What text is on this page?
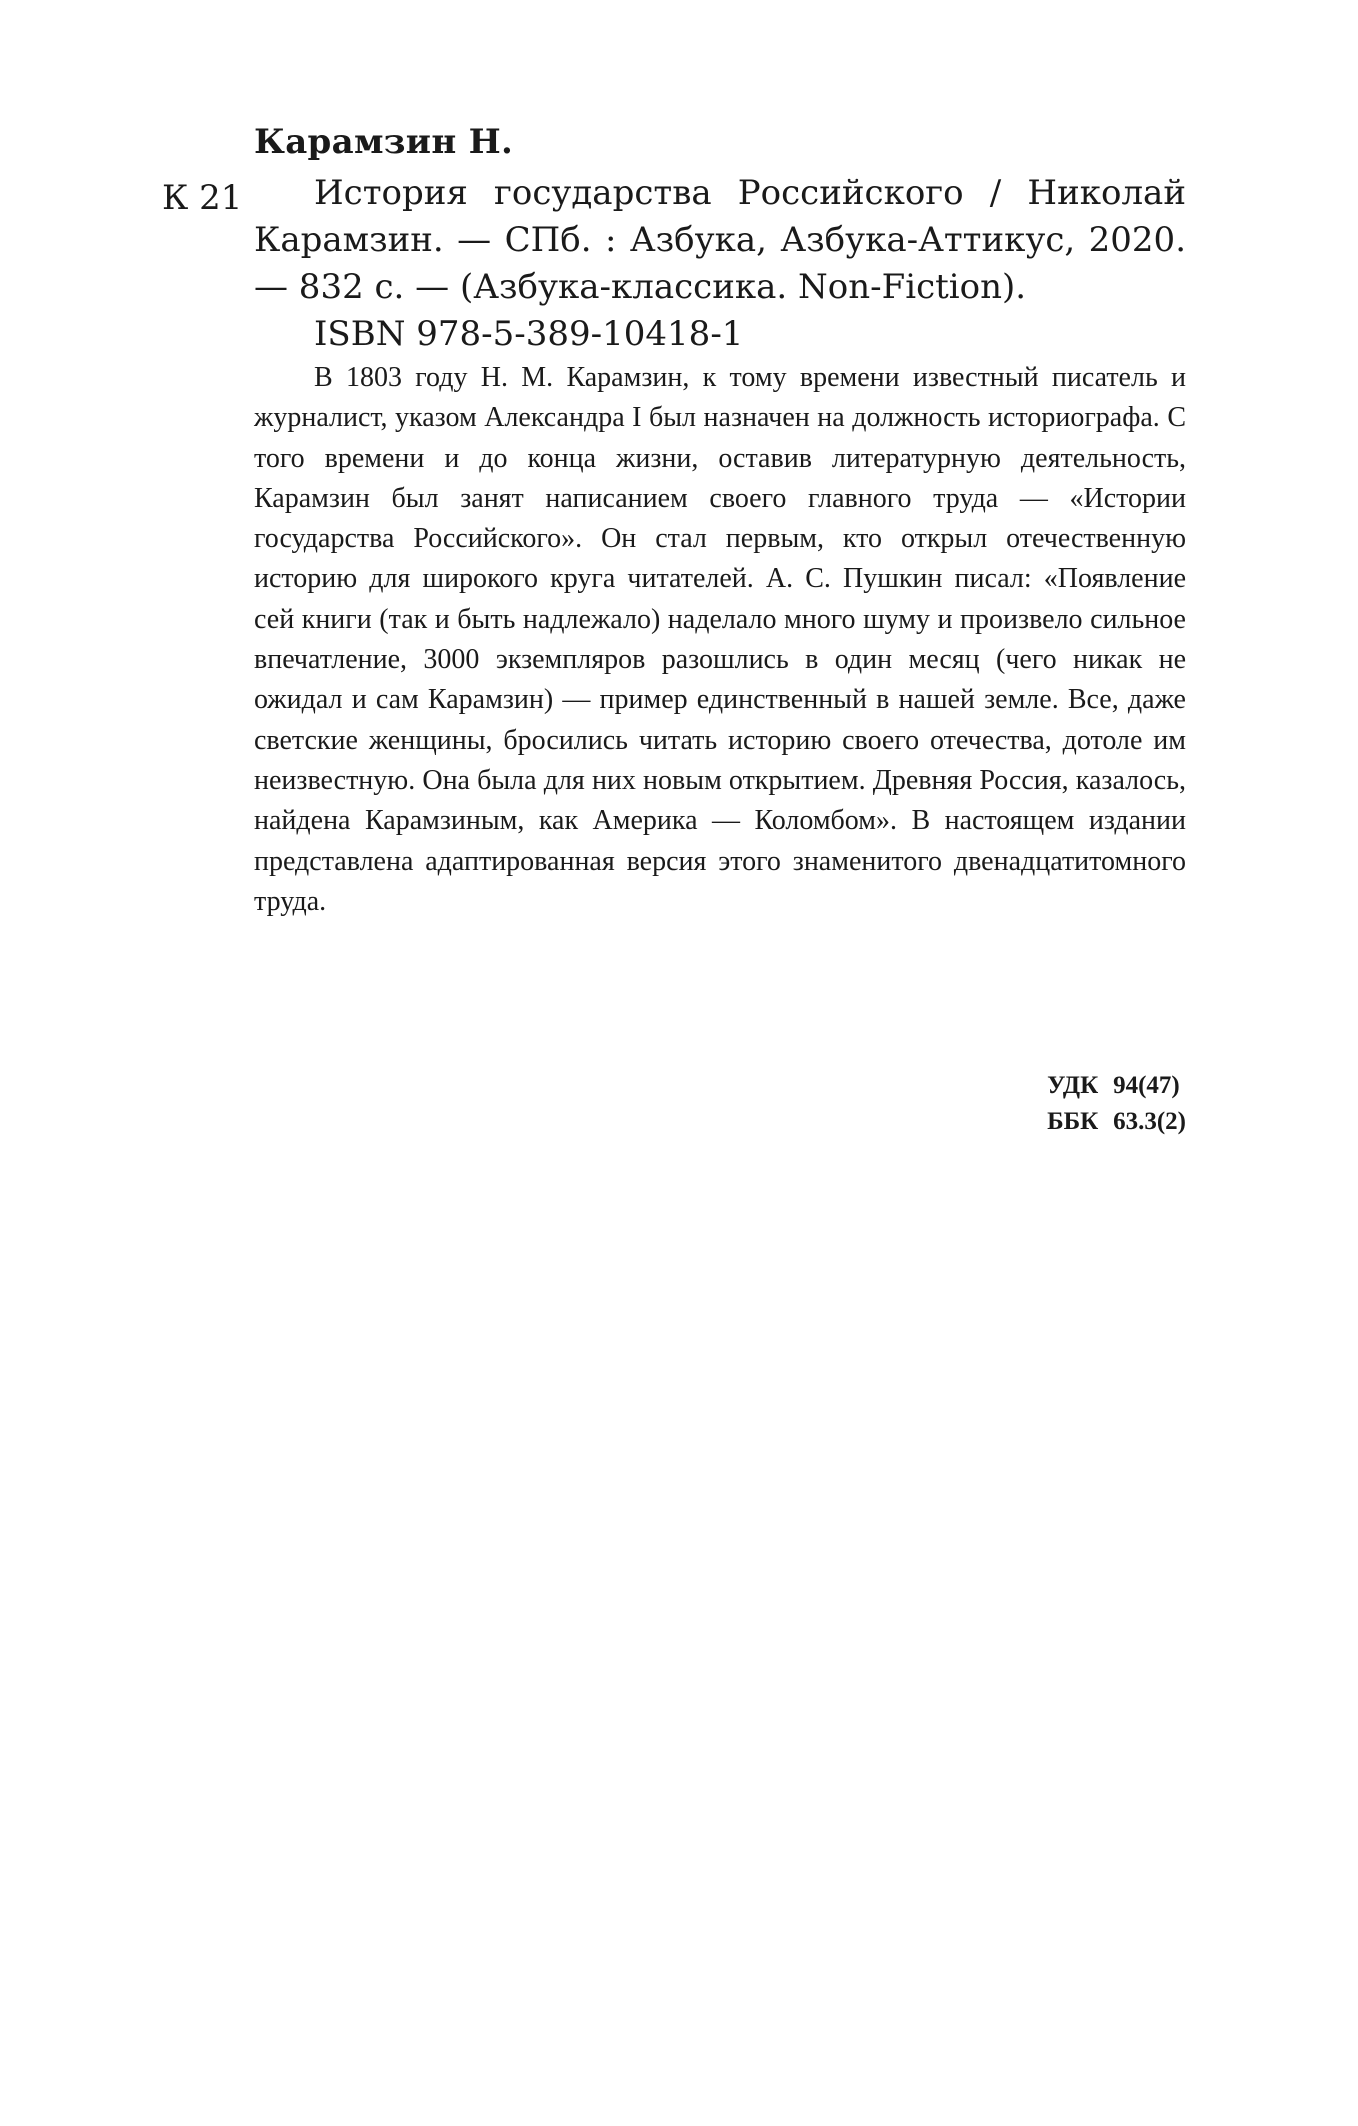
Карамзин Н.
К 21	История государства Российского / Николай Карамзин. — СПб. : Азбука, Азбука-Аттикус, 2020. — 832 с. — (Азбука-классика. Non-Fiction).
ISBN 978-5-389-10418-1
В 1803 году Н. М. Карамзин, к тому времени известный писатель и журналист, указом Александра I был назначен на должность историографа. С того времени и до конца жизни, оставив литературную деятельность, Карамзин был занят написанием своего главного труда — «Истории государства Российского». Он стал первым, кто открыл отечественную историю для широкого круга читателей. А. С. Пушкин писал: «Появление сей книги (так и быть надлежало) наделало много шуму и произвело сильное впечатление, 3000 экземпляров разошлись в один месяц (чего никак не ожидал и сам Карамзин) — пример единственный в нашей земле. Все, даже светские женщины, бросились читать историю своего отечества, дотоле им неизвестную. Она была для них новым открытием. Древняя Россия, казалось, найдена Карамзиным, как Америка — Коломбом». В настоящем издании представлена адаптированная версия этого знаменитого двенадцатитомного труда.
УДК 94(47)
ББК 63.3(2)
